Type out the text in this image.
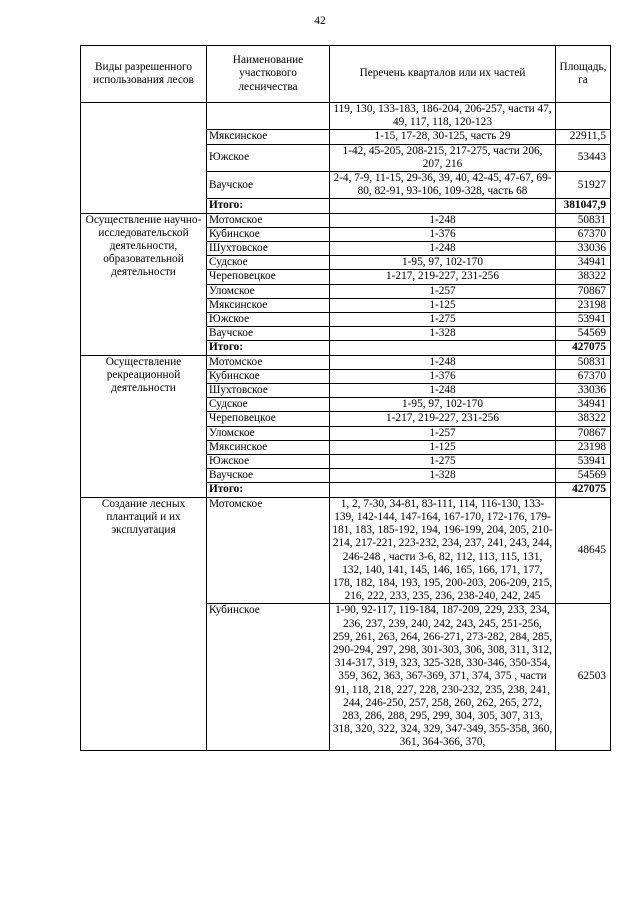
42
Виды разрешенного использования лесов	Наименование участкового лесничества	Перечень кварталов или их частей	Площадь, га
		119, 130, 133-183, 186-204, 206-257, части 47, 49, 117, 118, 120-123	
	Мяксинское	1-15, 17-28, 30-125, часть 29	22911,5
	Южское	1-42, 45-205, 208-215, 217-275, части 206, 207, 216	53443
	Ваучское	2-4, 7-9, 11-15, 29-36, 39, 40, 42-45, 47-67, 69-80, 82-91, 93-106, 109-328, часть 68	51927
	Итого:		381047,9
Осуществление научно-исследовательской деятельности, образовательной деятельности	Мотомское	1-248	50831
	Кубинское	1-376	67370
	Шухтовское	1-248	33036
	Судское	1-95, 97, 102-170	34941
	Череповецкое	1-217, 219-227, 231-256	38322
	Уломское	1-257	70867
	Мяксинское	1-125	23198
	Южское	1-275	53941
	Ваучское	1-328	54569
	Итого:		427075
Осуществление рекреационной деятельности	Мотомское	1-248	50831
	Кубинское	1-376	67370
	Шухтовское	1-248	33036
	Судское	1-95, 97, 102-170	34941
	Череповецкое	1-217, 219-227, 231-256	38322
	Уломское	1-257	70867
	Мяксинское	1-125	23198
	Южское	1-275	53941
	Ваучское	1-328	54569
	Итого:		427075
Создание лесных плантаций и их эксплуатация	Мотомское	1, 2, 7-30, 34-81, 83-111, 114, 116-130, 133-139, 142-144, 147-164, 167-170, 172-176, 179-181, 183, 185-192, 194, 196-199, 204, 205, 210-214, 217-221, 223-232, 234, 237, 241, 243, 244, 246-248 , части 3-6, 82, 112, 113, 115, 131, 132, 140, 141, 145, 146, 165, 166, 171, 177, 178, 182, 184, 193, 195, 200-203, 206-209, 215, 216, 222, 233, 235, 236, 238-240, 242, 245	48645
	Кубинское	1-90, 92-117, 119-184, 187-209, 229, 233, 234, 236, 237, 239, 240, 242, 243, 245, 251-256, 259, 261, 263, 264, 266-271, 273-282, 284, 285, 290-294, 297, 298, 301-303, 306, 308, 311, 312, 314-317, 319, 323, 325-328, 330-346, 350-354, 359, 362, 363, 367-369, 371, 374, 375 , части 91, 118, 218, 227, 228, 230-232, 235, 238, 241, 244, 246-250, 257, 258, 260, 262, 265, 272, 283, 286, 288, 295, 299, 304, 305, 307, 313, 318, 320, 322, 324, 329, 347-349, 355-358, 360, 361, 364-366, 370,	62503
